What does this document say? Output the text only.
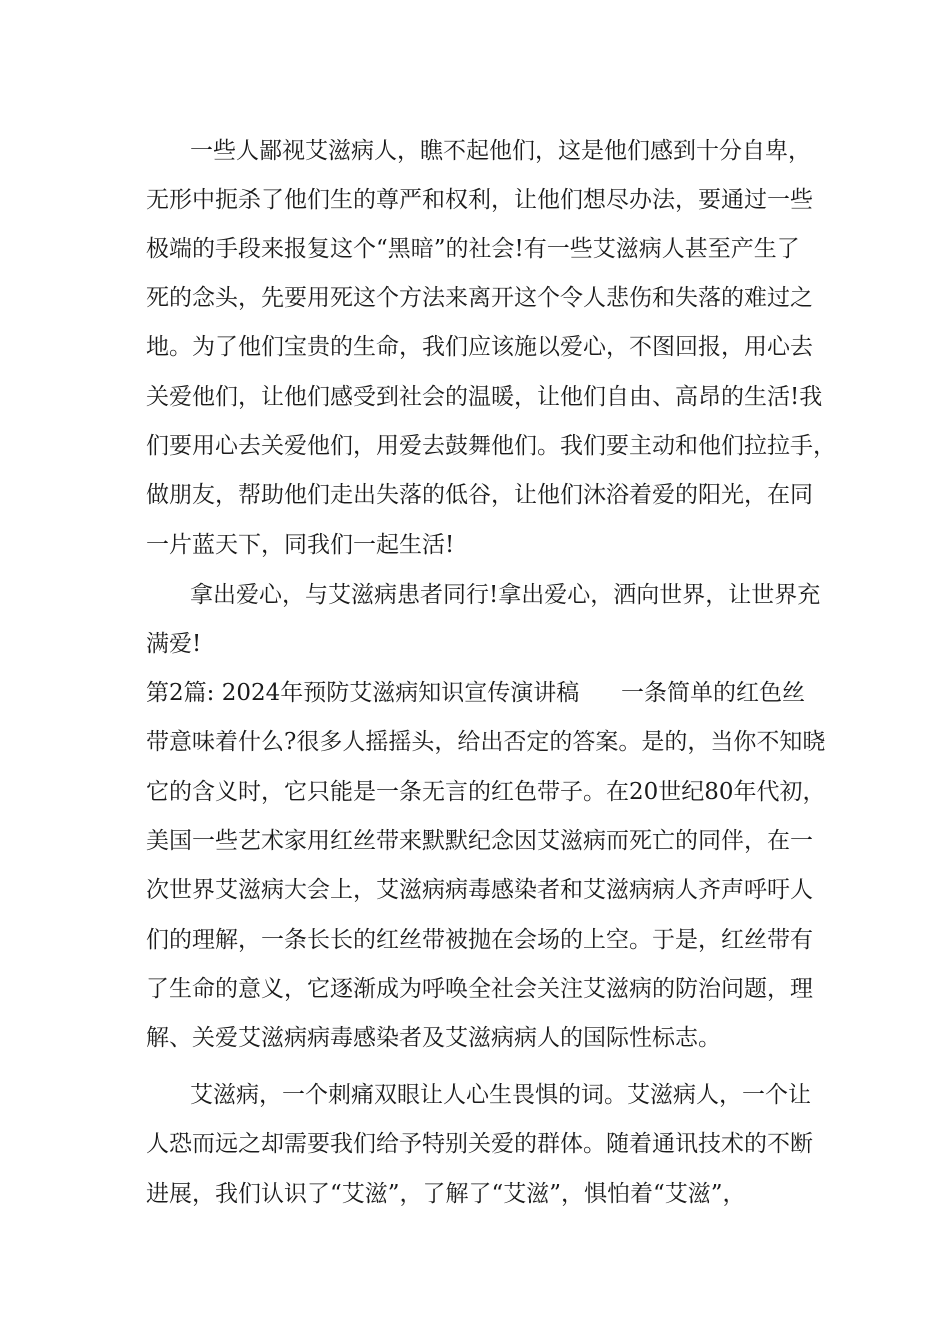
一些人鄙视艾滋病人，瞧不起他们，这是他们感到十分自卑，
无形中扼杀了他们生的尊严和权利，让他们想尽办法，要通过一些
极端的手段来报复这个“黑暗”的社会!有一些艾滋病人甚至产生了
死的念头，先要用死这个方法来离开这个令人悲伤和失落的难过之
地。为了他们宝贵的生命，我们应该施以爱心，不图回报，用心去
关爱他们，让他们感受到社会的温暖，让他们自由、高昂的生活!我
们要用心去关爱他们，用爱去鼓舞他们。我们要主动和他们拉拉手，
做朋友，帮助他们走出失落的低谷，让他们沐浴着爱的阳光，在同
一片蓝天下，同我们一起生活!
拿出爱心，与艾滋病患者同行!拿出爱心，洒向世界，让世界充
满爱!
第2篇: 2024年预防艾滋病知识宣传演讲稿	一条简单的红色丝
带意味着什么?很多人摇摇头，给出否定的答案。是的，当你不知晓
它的含义时，它只能是一条无言的红色带子。在20世纪80年代初，
美国一些艺术家用红丝带来默默纪念因艾滋病而死亡的同伴，在一
次世界艾滋病大会上，艾滋病病毒感染者和艾滋病病人齐声呼吁人
们的理解，一条长长的红丝带被抛在会场的上空。于是，红丝带有
了生命的意义，它逐渐成为呼唤全社会关注艾滋病的防治问题，理
解、关爱艾滋病病毒感染者及艾滋病病人的国际性标志。
艾滋病，一个刺痛双眼让人心生畏惧的词。艾滋病人，一个让
人恐而远之却需要我们给予特别关爱的群体。随着通讯技术的不断
进展，我们认识了“艾滋”，了解了“艾滋”，惧怕着“艾滋”，
